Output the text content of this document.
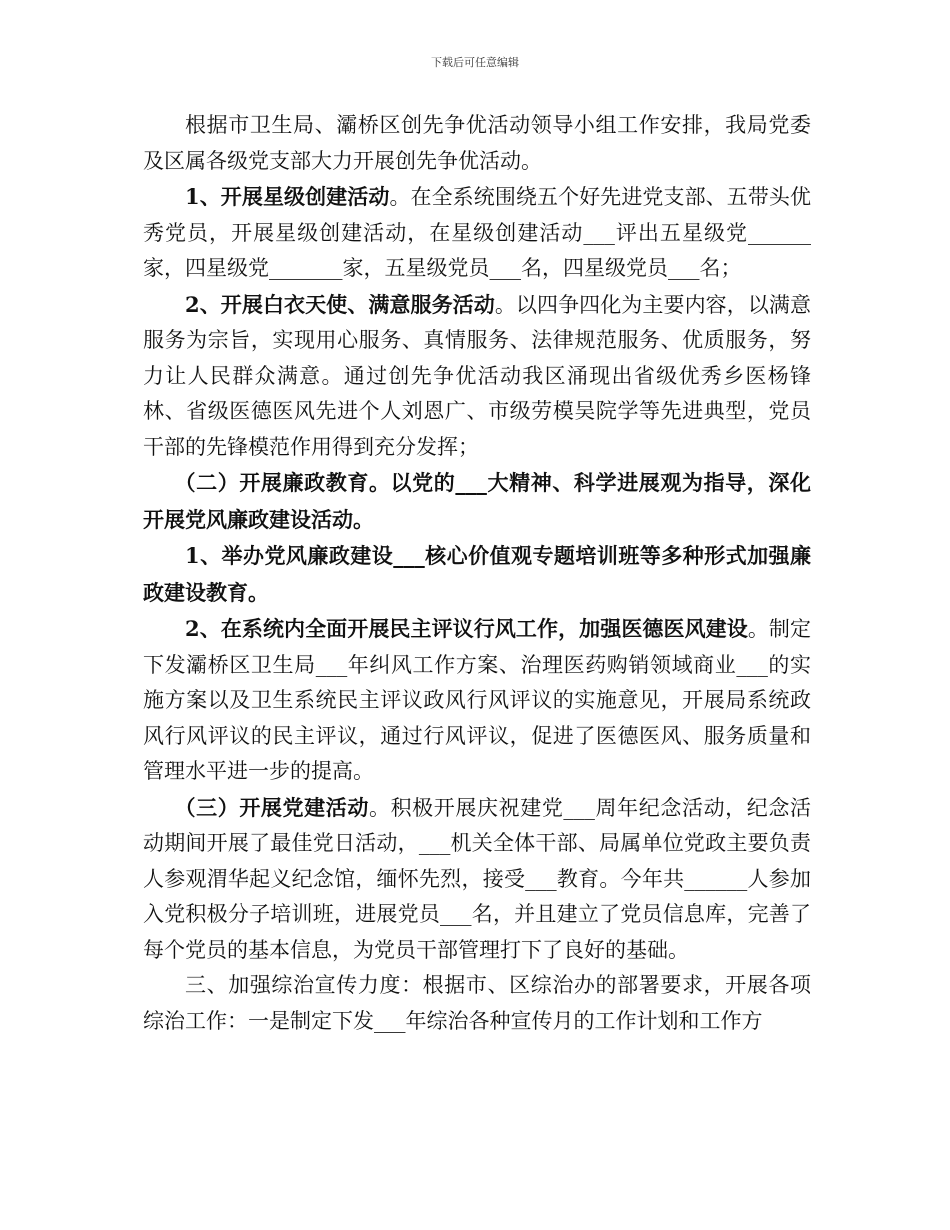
下载后可任意编辑

根据市卫生局、灞桥区创先争优活动领导小组工作安排，我局党委及区属各级党支部大力开展创先争优活动。

1、开展星级创建活动。在全系统围绕五个好先进党支部、五带头优秀党员，开展星级创建活动，在星级创建活动___评出五星级党______家，四星级党_______家，五星级党员___名，四星级党员___名；

2、开展白衣天使、满意服务活动。以四争四化为主要内容，以满意服务为宗旨，实现用心服务、真情服务、法律规范服务、优质服务，努力让人民群众满意。通过创先争优活动我区涌现出省级优秀乡医杨锋林、省级医德医风先进个人刘恩广、市级劳模吴院学等先进典型，党员干部的先锋模范作用得到充分发挥；

（二）开展廉政教育。以党的___大精神、科学进展观为指导，深化开展党风廉政建设活动。

1、举办党风廉政建设___核心价值观专题培训班等多种形式加强廉政建设教育。

2、在系统内全面开展民主评议行风工作，加强医德医风建设。制定下发灞桥区卫生局___年纠风工作方案、治理医药购销领域商业___的实施方案以及卫生系统民主评议政风行风评议的实施意见，开展局系统政风行风评议的民主评议，通过行风评议，促进了医德医风、服务质量和管理水平进一步的提高。

（三）开展党建活动。积极开展庆祝建党___周年纪念活动，纪念活动期间开展了最佳党日活动，___机关全体干部、局属单位党政主要负责人参观渭华起义纪念馆，缅怀先烈，接受___教育。今年共______人参加入党积极分子培训班，进展党员___名，并且建立了党员信息库，完善了每个党员的基本信息，为党员干部管理打下了良好的基础。

三、加强综治宣传力度：根据市、区综治办的部署要求，开展各项综治工作：一是制定下发___年综治各种宣传月的工作计划和工作方
